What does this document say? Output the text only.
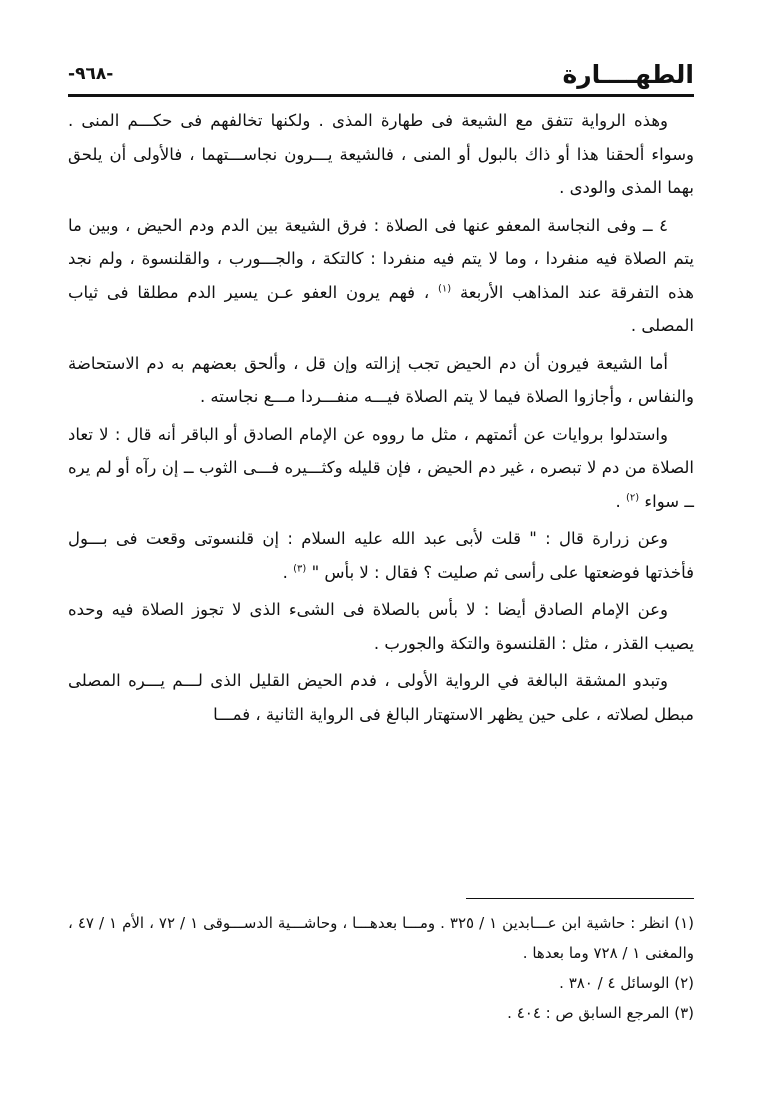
الطهــــارة
-٩٦٨-

وهذه الرواية تتفق مع الشيعة فى طهارة المذى . ولكنها تخالفهم فى حكـــم المنى . وسواء ألحقنا هذا أو ذاك بالبول أو المنى ، فالشيعة يـــرون نجاســـتهما ، فالأولى أن يلحق بهما المذى والودى .

٤ ــ وفى النجاسة المعفو عنها فى الصلاة : فرق الشيعة بين الدم ودم الحيض ، وبين ما يتم الصلاة فيه منفردا ، وما لا يتم فيه منفردا : كالتكة ، والجـــورب ، والقلنسوة ، ولم نجد هذه التفرقة عند المذاهب الأربعة $^{(١)}$ ، فهم يرون العفو عـن يسير الدم مطلقا فى ثياب المصلى .

أما الشيعة فيرون أن دم الحيض تجب إزالته وإن قل ، وألحق بعضهم به دم الاستحاضة والنفاس ، وأجازوا الصلاة فيما لا يتم الصلاة فيـــه منفـــردا مـــع نجاسته .

واستدلوا بروايات عن أئمتهم ، مثل ما رووه عن الإمام الصادق أو الباقر أنه قال : لا تعاد الصلاة من دم لا تبصره ، غير دم الحيض ، فإن قليله وكثـــيره فـــى الثوب ــ إن رآه أو لم يره ــ سواء $^{(٢)}$ .

وعن زرارة قال : " قلت لأبى عبد الله عليه السلام : إن قلنسوتى وقعت فى بـــول فأخذتها فوضعتها على رأسى ثم صليت ؟ فقال : لا بأس " $^{(٣)}$ .

وعن الإمام الصادق أيضا : لا بأس بالصلاة فى الشىء الذى لا تجوز الصلاة فيه وحده يصيب القذر ، مثل : القلنسوة والتكة والجورب .

وتبدو المشقة البالغة في الرواية الأولى ، فدم الحيض القليل الذى لـــم يـــره المصلى مبطل لصلاته ، على حين يظهر الاستهتار البالغ فى الرواية الثانية ، فمـــا

(١) انظر : حاشية ابن عـــابدين ١ / ٣٢٥ . ومـــا بعدهـــا ، وحاشـــية الدســـوقى ١ / ٧٢ ، الأم ١ / ٤٧ ، والمغنى ١ / ٧٢٨ وما بعدها .

(٢) الوسائل ٤ / ٣٨٠ .

(٣) المرجع السابق ص : ٤٠٤ .
